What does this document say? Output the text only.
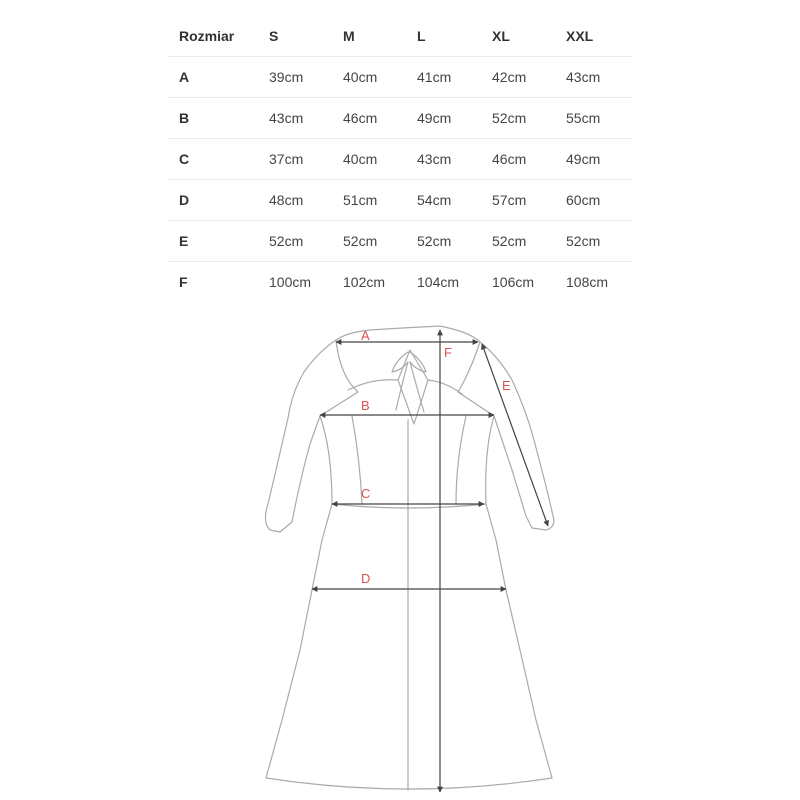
Rozmiar	S	M	L	XL	XXL
A	39cm	40cm	41cm	42cm	43cm
B	43cm	46cm	49cm	52cm	55cm
C	37cm	40cm	43cm	46cm	49cm
D	48cm	51cm	54cm	57cm	60cm
E	52cm	52cm	52cm	52cm	52cm
F	100cm	102cm	104cm	106cm	108cm
A
B
C
D
E
F
